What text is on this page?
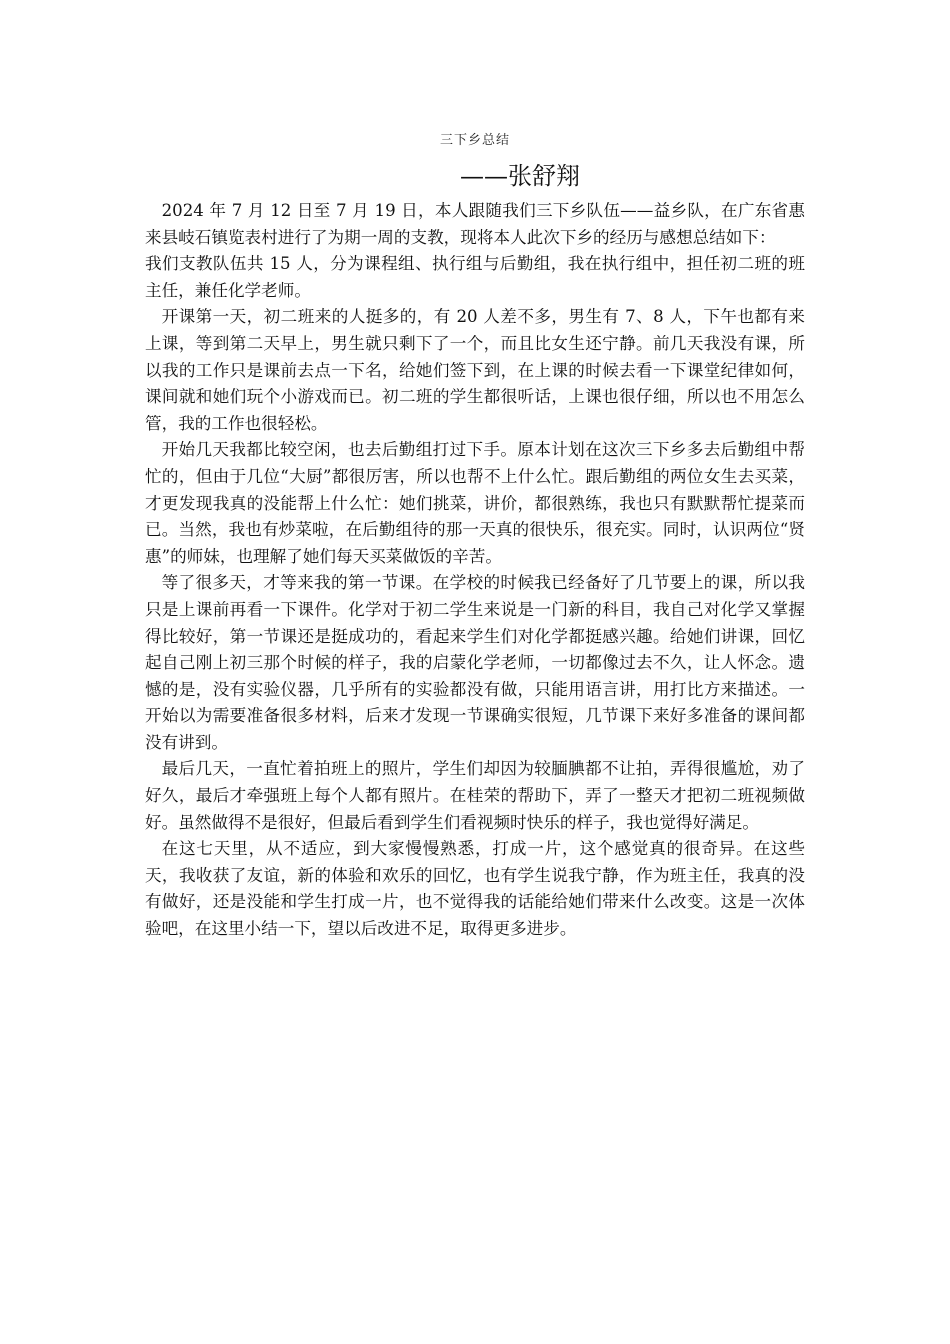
三下乡总结
——张舒翔

2024 年 7 月 12 日至 7 月 19 日，本人跟随我们三下乡队伍——益乡队，在广东省惠来县岐石镇览表村进行了为期一周的支教，现将本人此次下乡的经历与感想总结如下：

我们支教队伍共 15 人，分为课程组、执行组与后勤组，我在执行组中，担任初二班的班主任，兼任化学老师。

开课第一天，初二班来的人挺多的，有 20 人差不多，男生有 7、8 人，下午也都有来上课，等到第二天早上，男生就只剩下了一个，而且比女生还宁静。前几天我没有课，所以我的工作只是课前去点一下名，给她们签下到，在上课的时候去看一下课堂纪律如何，课间就和她们玩个小游戏而已。初二班的学生都很听话，上课也很仔细，所以也不用怎么管，我的工作也很轻松。

开始几天我都比较空闲，也去后勤组打过下手。原本计划在这次三下乡多去后勤组中帮忙的，但由于几位“大厨”都很厉害，所以也帮不上什么忙。跟后勤组的两位女生去买菜，才更发现我真的没能帮上什么忙：她们挑菜，讲价，都很熟练，我也只有默默帮忙提菜而已。当然，我也有炒菜啦，在后勤组待的那一天真的很快乐，很充实。同时，认识两位“贤惠”的师妹，也理解了她们每天买菜做饭的辛苦。

等了很多天，才等来我的第一节课。在学校的时候我已经备好了几节要上的课，所以我只是上课前再看一下课件。化学对于初二学生来说是一门新的科目，我自己对化学又掌握得比较好，第一节课还是挺成功的，看起来学生们对化学都挺感兴趣。给她们讲课，回忆起自己刚上初三那个时候的样子，我的启蒙化学老师，一切都像过去不久，让人怀念。遗憾的是，没有实验仪器，几乎所有的实验都没有做，只能用语言讲，用打比方来描述。一开始以为需要准备很多材料，后来才发现一节课确实很短，几节课下来好多准备的课间都没有讲到。

最后几天，一直忙着拍班上的照片，学生们却因为较腼腆都不让拍，弄得很尴尬，劝了好久，最后才牵强班上每个人都有照片。在桂荣的帮助下，弄了一整天才把初二班视频做好。虽然做得不是很好，但最后看到学生们看视频时快乐的样子，我也觉得好满足。

在这七天里，从不适应，到大家慢慢熟悉，打成一片，这个感觉真的很奇异。在这些天，我收获了友谊，新的体验和欢乐的回忆，也有学生说我宁静，作为班主任，我真的没有做好，还是没能和学生打成一片，也不觉得我的话能给她们带来什么改变。这是一次体验吧，在这里小结一下，望以后改进不足，取得更多进步。
